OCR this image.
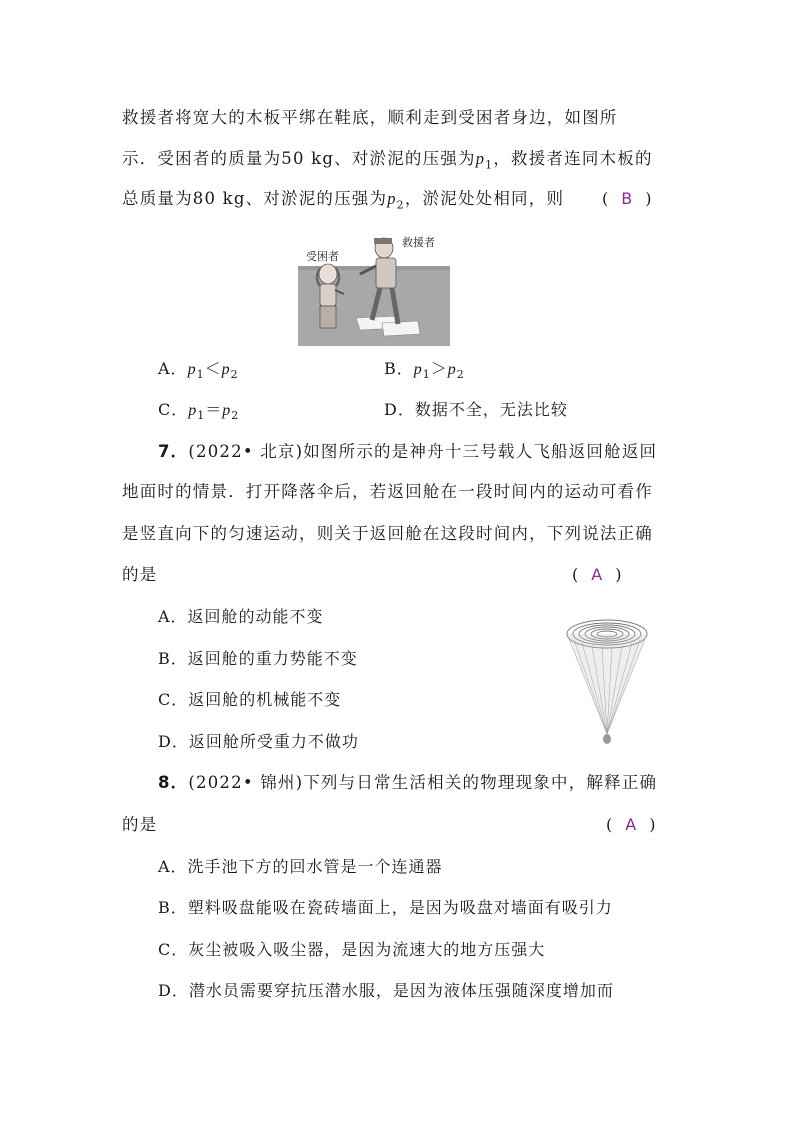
救援者将宽大的木板平绑在鞋底，顺利走到受困者身边，如图所
示．受困者的质量为50 kg、对淤泥的压强为$p_1$，救援者连同木板的
总质量为80 kg、对淤泥的压强为$p_2$，淤泥处处相同，则 ( B )
受困者
救援者
A．$p_1<p_2$	B．$p_1>p_2$
C．$p_1=p_2$	D．数据不全，无法比较
7．(2022• 北京)如图所示的是神舟十三号载人飞船返回舱返回
地面时的情景．打开降落伞后，若返回舱在一段时间内的运动可看作
是竖直向下的匀速运动，则关于返回舱在这段时间内，下列说法正确
的是	( A )
A．返回舱的动能不变
B．返回舱的重力势能不变
C．返回舱的机械能不变
D．返回舱所受重力不做功
8．(2022• 锦州)下列与日常生活相关的物理现象中，解释正确
的是	( A )
A．洗手池下方的回水管是一个连通器
B．塑料吸盘能吸在瓷砖墙面上，是因为吸盘对墙面有吸引力
C．灰尘被吸入吸尘器，是因为流速大的地方压强大
D．潜水员需要穿抗压潜水服，是因为液体压强随深度增加而
